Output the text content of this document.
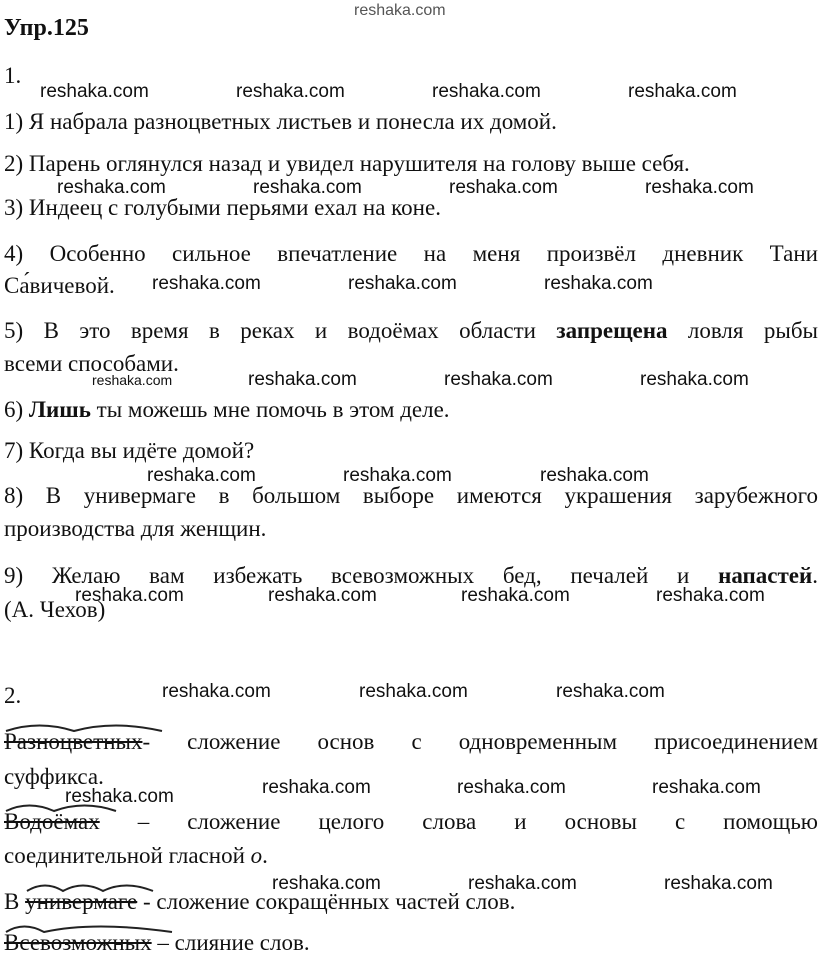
reshaka.com
Упр.125
1.
reshaka.com	reshaka.com	reshaka.com	reshaka.com
1) Я набрала разноцветных листьев и понесла их домой.
2) Парень оглянулся назад и увидел нарушителя на голову выше себя.
reshaka.com	reshaka.com	reshaka.com	reshaka.com
3) Индеец с голубыми перьями ехал на коне.
4) Особенно сильное впечатление на меня произвёл дневник Тани
Са́вичевой.	reshaka.com	reshaka.com	reshaka.com
5) В это время в реках и водоёмах области запрещена ловля рыбы
всеми способами.
reshaka.com	reshaka.com	reshaka.com	reshaka.com
6) Лишь ты можешь мне помочь в этом деле.
7) Когда вы идёте домой?
reshaka.com	reshaka.com	reshaka.com
8) В универмаге в большом выборе имеются украшения зарубежного
производства для женщин.
9) Желаю вам избежать всевозможных бед, печалей и напастей.
(А. Чехов)
reshaka.com	reshaka.com	reshaka.com	reshaka.com
2.	reshaka.com	reshaka.com	reshaka.com
Разноцветных- сложение основ с одновременным присоединением
суффикса.
reshaka.com	reshaka.com	reshaka.com	reshaka.com
Водоёмах – сложение целого слова и основы с помощью
соединительной гласной о.
reshaka.com	reshaka.com	reshaka.com
В
универмаге - сложение сокращённых частей слов.
Всевозможных – слияние слов.
